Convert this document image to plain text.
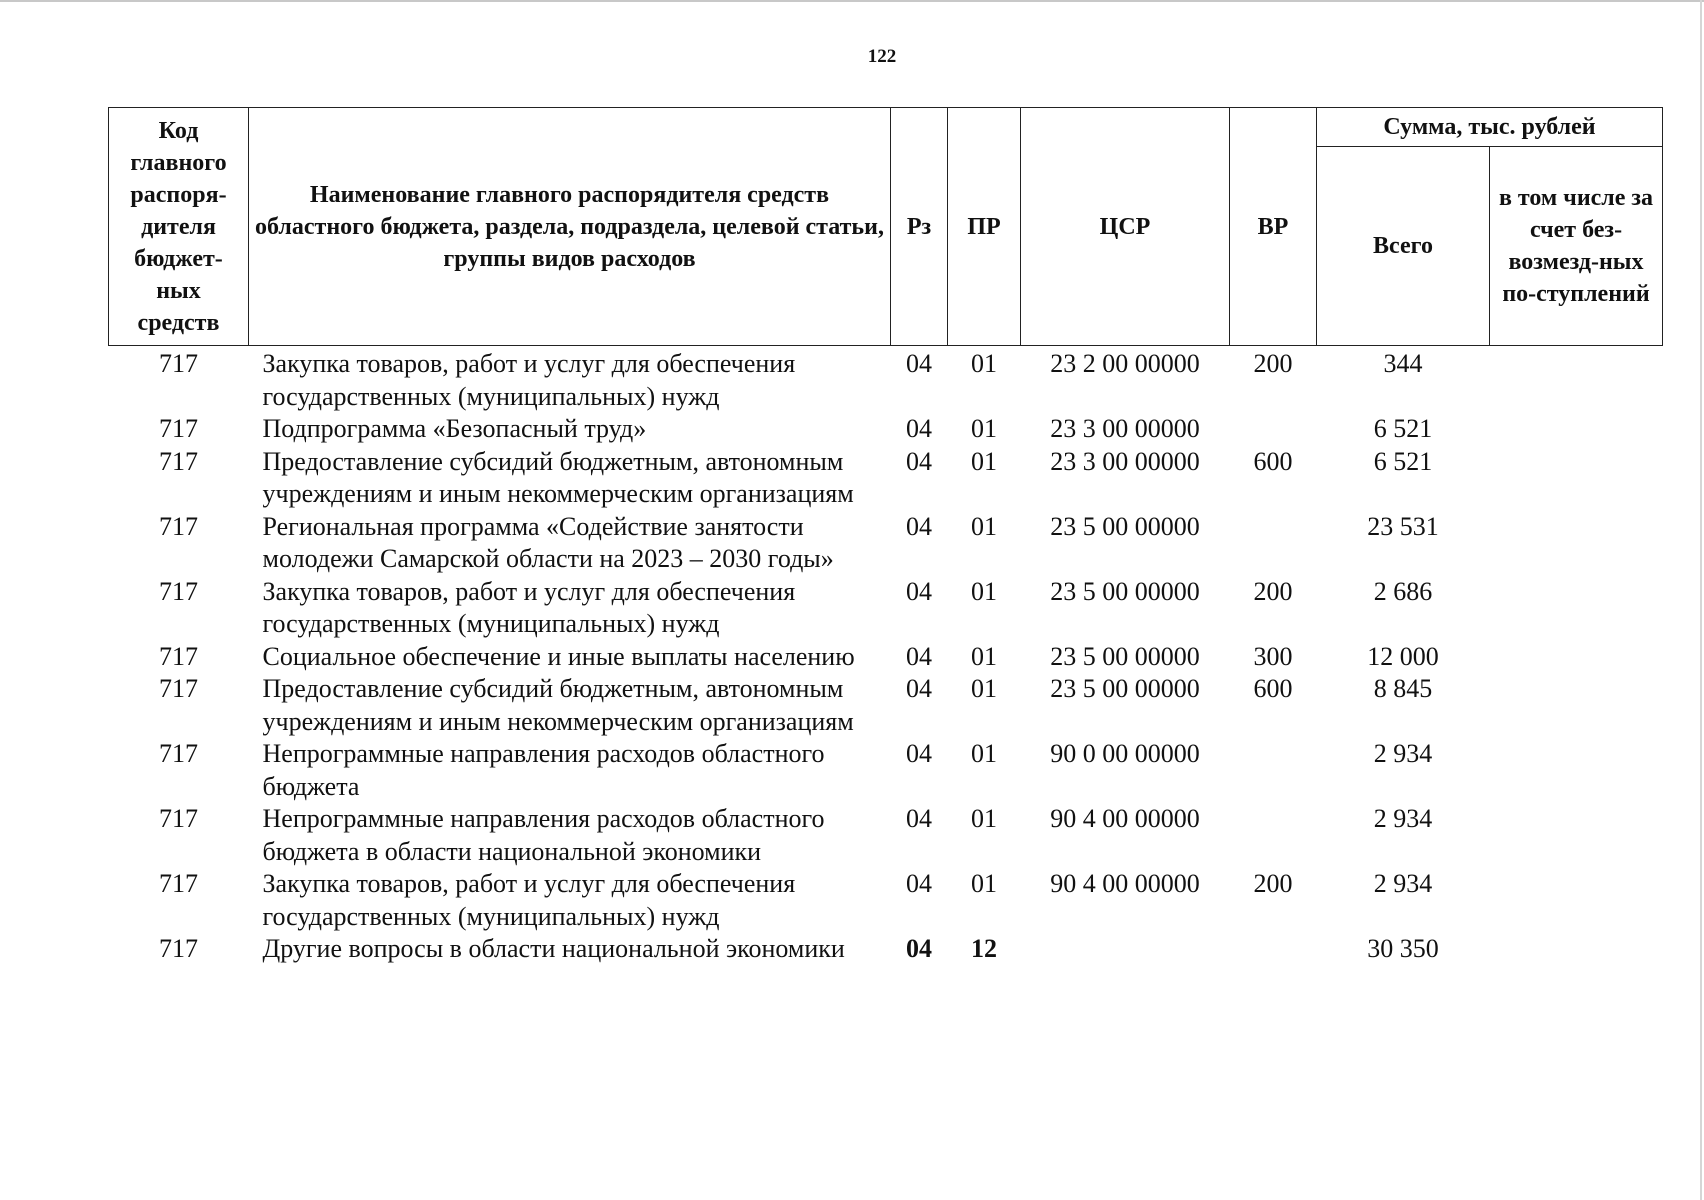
122
Код главного распоря-дителя бюджет-ных средств	Наименование главного распорядителя средств областного бюджета, раздела, подраздела, целевой статьи, группы видов расходов	Рз	ПР	ЦСР	ВР	Сумма, тыс. рублей	
						Всего	в том числе за счет без-возмезд-ных по-ступлений
717	Закупка товаров, работ и услуг для обеспечения государственных (муниципальных) нужд	04	01	23 2 00 00000	200	344	
717	Подпрограмма «Безопасный труд»	04	01	23 3 00 00000		6 521	
717	Предоставление субсидий бюджетным, автономным учреждениям и иным некоммерческим организациям	04	01	23 3 00 00000	600	6 521	
717	Региональная программа «Содействие занятости молодежи Самарской области на 2023 – 2030 годы»	04	01	23 5 00 00000		23 531	
717	Закупка товаров, работ и услуг для обеспечения государственных (муниципальных) нужд	04	01	23 5 00 00000	200	2 686	
717	Социальное обеспечение и иные выплаты населению	04	01	23 5 00 00000	300	12 000	
717	Предоставление субсидий бюджетным, автономным учреждениям и иным некоммерческим организациям	04	01	23 5 00 00000	600	8 845	
717	Непрограммные направления расходов областного бюджета	04	01	90 0 00 00000		2 934	
717	Непрограммные направления расходов областного бюджета в области национальной экономики	04	01	90 4 00 00000		2 934	
717	Закупка товаров, работ и услуг для обеспечения государственных (муниципальных) нужд	04	01	90 4 00 00000	200	2 934	
717	Другие вопросы в области национальной экономики	04	12			30 350	
